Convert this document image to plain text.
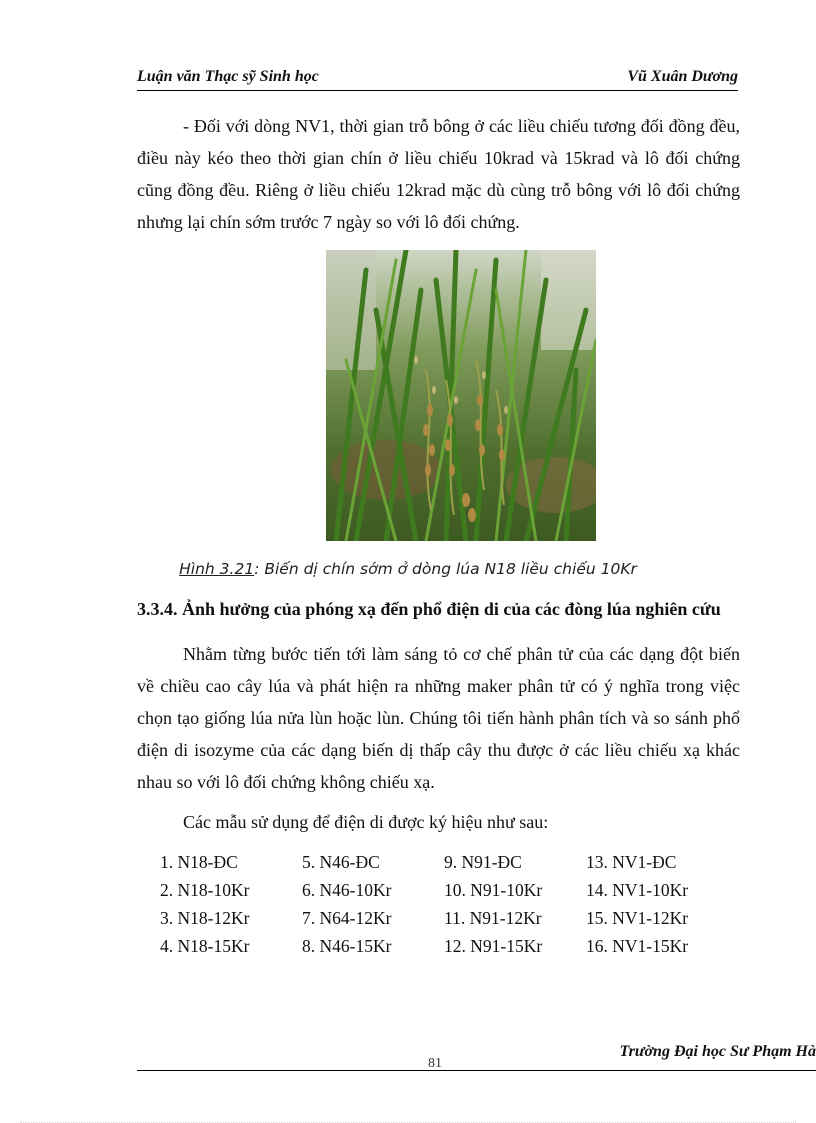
Luận văn Thạc sỹ Sinh học	Vũ Xuân Dương
- Đối với dòng NV1, thời gian trỗ bông ở các liều chiếu tương đối đồng đều, điều này kéo theo thời gian chín ở liều chiếu 10krad và 15krad và lô đối chứng cũng đồng đều. Riêng ở liều chiếu 12krad mặc dù cùng trỗ bông với lô đối chứng nhưng lại chín sớm trước 7 ngày so với lô đối chứng.
Hình 3.21: Biến dị chín sớm ở dòng lúa N18 liều chiếu 10Kr
3.3.4. Ảnh hưởng của phóng xạ đến phổ điện di của các đòng lúa nghiên cứu
Nhằm từng bước tiến tới làm sáng tỏ cơ chế phân tử của các dạng đột biến về chiều cao cây lúa và phát hiện ra những maker phân tử có ý nghĩa trong việc chọn tạo giống lúa nửa lùn hoặc lùn. Chúng tôi tiến hành phân tích và so sánh phổ điện di isozyme của các dạng biến dị thấp cây thu được ở các liều chiếu xạ khác nhau so với lô đối chứng không chiếu xạ.
Các mẫu sử dụng để điện di được ký hiệu như sau:
1. N18-ĐC	5. N46-ĐC	9. N91-ĐC	13. NV1-ĐC
2. N18-10Kr	6. N46-10Kr	10. N91-10Kr	14. NV1-10Kr
3. N18-12Kr	7. N64-12Kr	11. N91-12Kr	15. NV1-12Kr
4. N18-15Kr	8. N46-15Kr	12. N91-15Kr	16. NV1-15Kr
Trường Đại học Sư Phạm Hà
81
